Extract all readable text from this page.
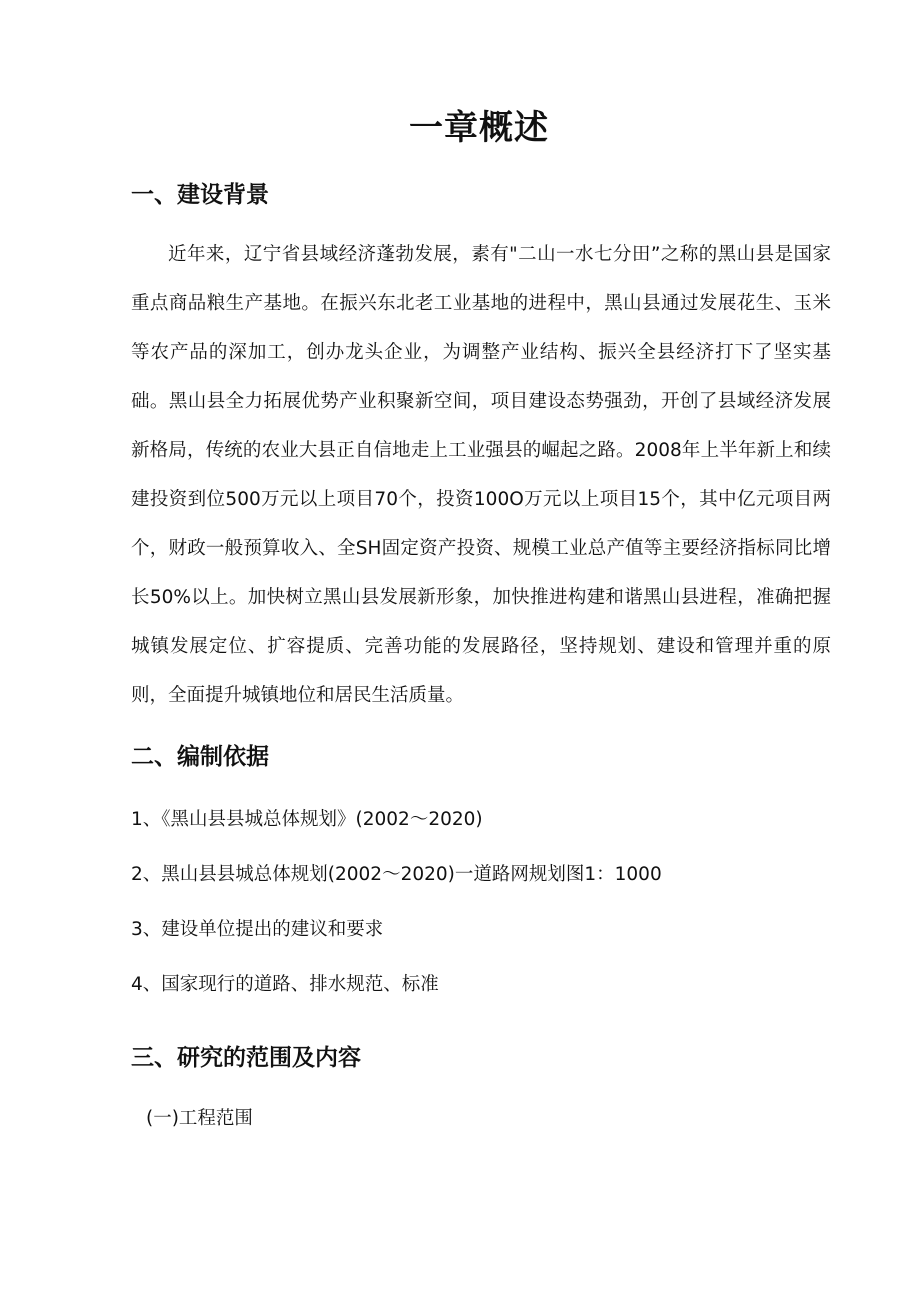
一章概述
一、建设背景

近年来，辽宁省县域经济蓬勃发展，素有"二山一水七分田”之称的黑山县是国家重点商品粮生产基地。在振兴东北老工业基地的进程中，黑山县通过发展花生、玉米等农产品的深加工，创办龙头企业，为调整产业结构、振兴全县经济打下了坚实基础。黑山县全力拓展优势产业积聚新空间，项目建设态势强劲，开创了县域经济发展新格局，传统的农业大县正自信地走上工业强县的崛起之路。2008年上半年新上和续建投资到位500万元以上项目70个，投资100O万元以上项目15个，其中亿元项目两个，财政一般预算收入、全SH固定资产投资、规模工业总产值等主要经济指标同比增长50%以上。加快树立黑山县发展新形象，加快推进构建和谐黑山县进程，准确把握城镇发展定位、扩容提质、完善功能的发展路径，坚持规划、建设和管理并重的原则，全面提升城镇地位和居民生活质量。

二、编制依据
1、《黑山县县城总体规划》(2002〜2020)
2、黑山县县城总体规划(2002〜2020)一道路网规划图1：1000
3、建设单位提出的建议和要求
4、国家现行的道路、排水规范、标准
三、研究的范围及内容

(一)工程范围
